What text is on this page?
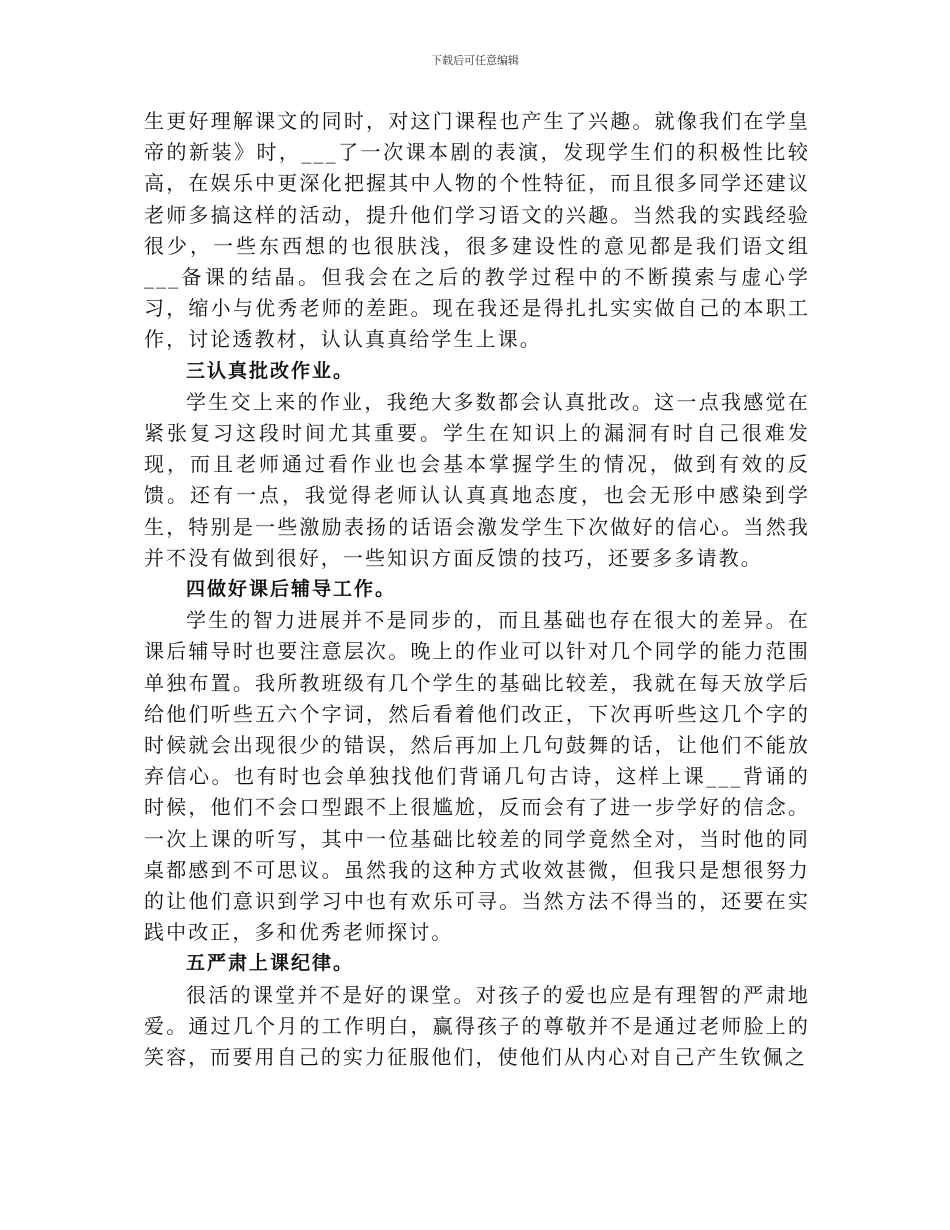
下载后可任意编辑

生更好理解课文的同时，对这门课程也产生了兴趣。就像我们在学皇帝的新装》时，___了一次课本剧的表演，发现学生们的积极性比较高，在娱乐中更深化把握其中人物的个性特征，而且很多同学还建议老师多搞这样的活动，提升他们学习语文的兴趣。当然我的实践经验很少，一些东西想的也很肤浅，很多建设性的意见都是我们语文组___备课的结晶。但我会在之后的教学过程中的不断摸索与虚心学习，缩小与优秀老师的差距。现在我还是得扎扎实实做自己的本职工作，讨论透教材，认认真真给学生上课。

三认真批改作业。

学生交上来的作业，我绝大多数都会认真批改。这一点我感觉在紧张复习这段时间尤其重要。学生在知识上的漏洞有时自己很难发现，而且老师通过看作业也会基本掌握学生的情况，做到有效的反馈。还有一点，我觉得老师认认真真地态度，也会无形中感染到学生，特别是一些激励表扬的话语会激发学生下次做好的信心。当然我并不没有做到很好，一些知识方面反馈的技巧，还要多多请教。

四做好课后辅导工作。

学生的智力进展并不是同步的，而且基础也存在很大的差异。在课后辅导时也要注意层次。晚上的作业可以针对几个同学的能力范围单独布置。我所教班级有几个学生的基础比较差，我就在每天放学后给他们听些五六个字词，然后看着他们改正，下次再听些这几个字的时候就会出现很少的错误，然后再加上几句鼓舞的话，让他们不能放弃信心。也有时也会单独找他们背诵几句古诗，这样上课___背诵的时候，他们不会口型跟不上很尴尬，反而会有了进一步学好的信念。一次上课的听写，其中一位基础比较差的同学竟然全对，当时他的同桌都感到不可思议。虽然我的这种方式收效甚微，但我只是想很努力的让他们意识到学习中也有欢乐可寻。当然方法不得当的，还要在实践中改正，多和优秀老师探讨。

五严肃上课纪律。

很活的课堂并不是好的课堂。对孩子的爱也应是有理智的严肃地爱。通过几个月的工作明白，赢得孩子的尊敬并不是通过老师脸上的笑容，而要用自己的实力征服他们，使他们从内心对自己产生钦佩之
